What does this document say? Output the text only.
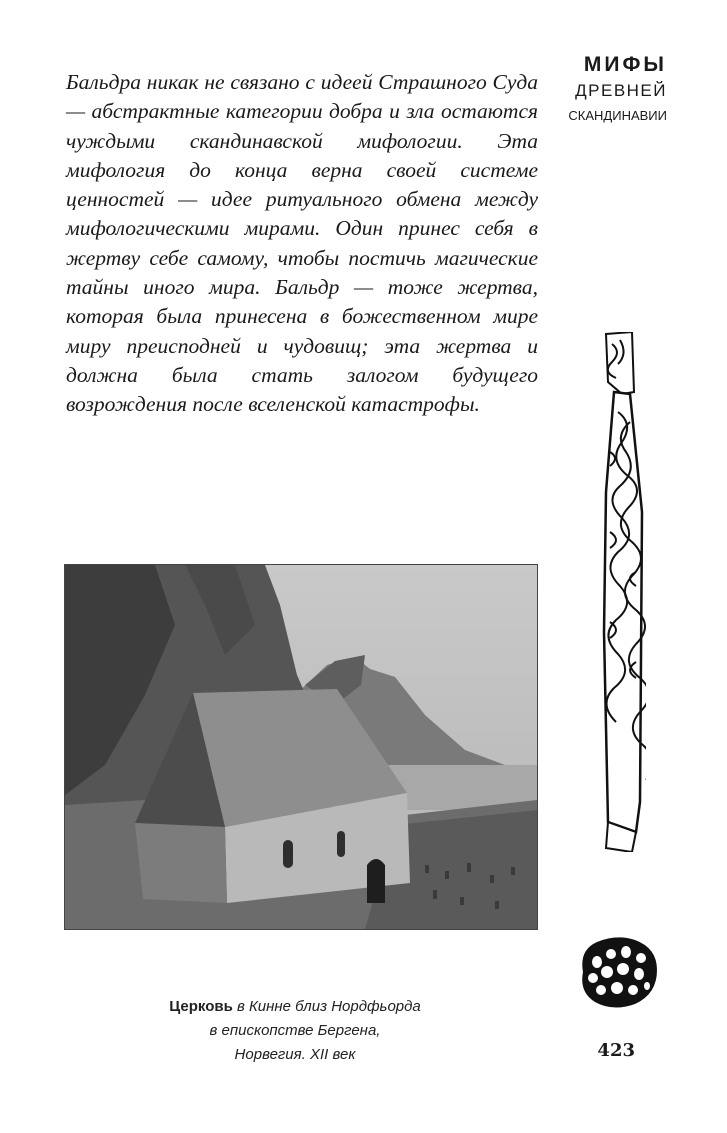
МИФЫ
ДРЕВНЕЙ
СКАНДИНАВИИ

Бальдра никак не связано с идеей Страшного Суда — абстрактные категории добра и зла остаются чуждыми скандинавской мифологии. Эта мифология до конца верна своей системе ценностей — идее ритуального обмена между мифологическими мирами. Один принес себя в жертву себе самому, чтобы постичь магические тайны иного мира. Бальдр — тоже жертва, которая была принесена в божественном мире миру преисподней и чудовищ; эта жертва и должна была стать залогом будущего возрождения после вселенской катастрофы.

Церковь в Кинне близ Нордфьорда
в епископстве Бергена,
Норвегия. XII век	423
